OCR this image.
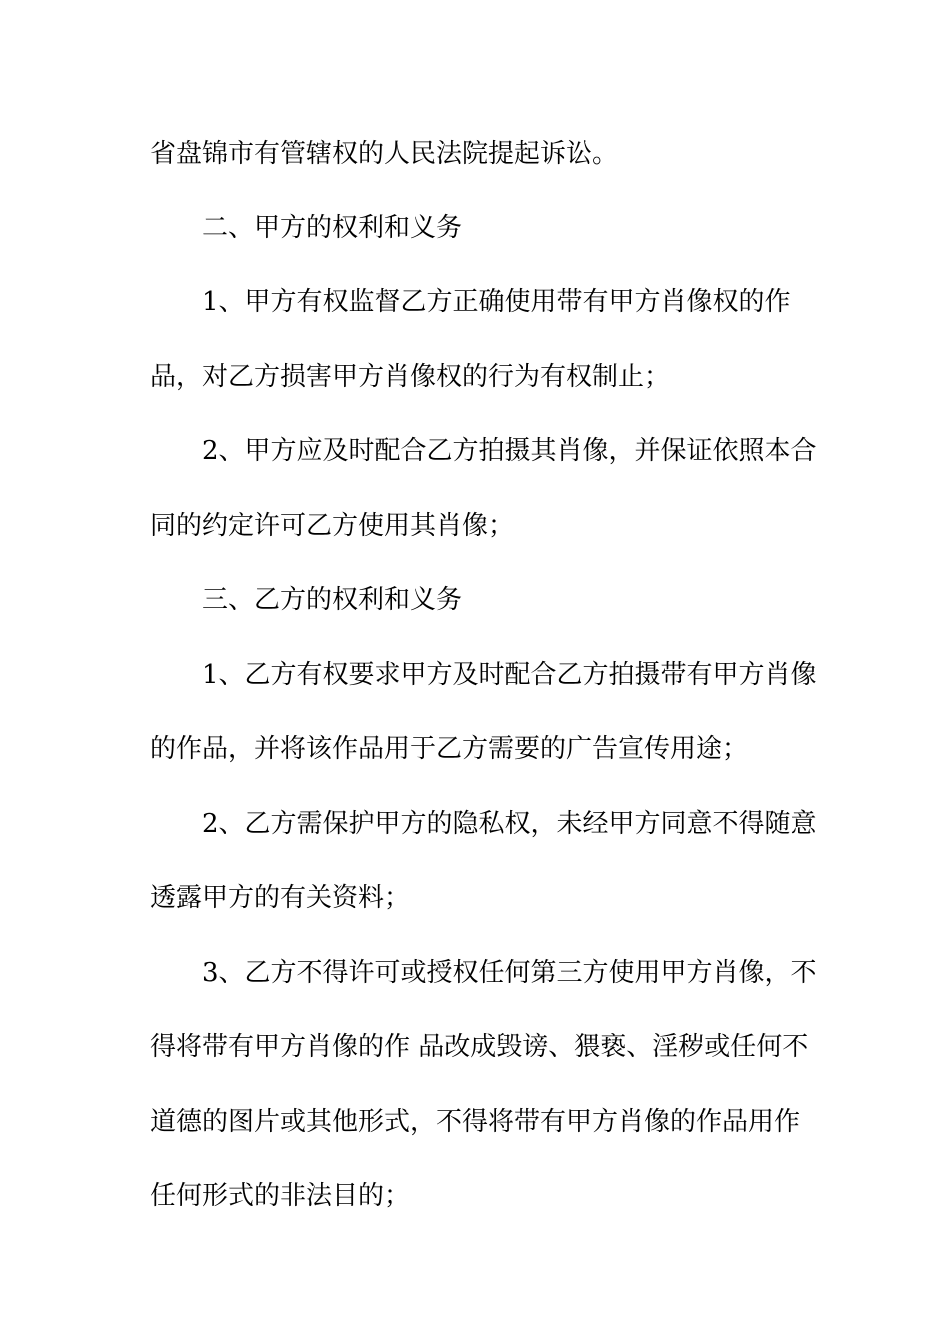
省盘锦市有管辖权的人民法院提起诉讼。
二、甲方的权利和义务
1、甲方有权监督乙方正确使用带有甲方肖像权的作
品，对乙方损害甲方肖像权的行为有权制止；
2、甲方应及时配合乙方拍摄其肖像，并保证依照本合
同的约定许可乙方使用其肖像；
三、乙方的权利和义务
1、乙方有权要求甲方及时配合乙方拍摄带有甲方肖像
的作品，并将该作品用于乙方需要的广告宣传用途；
2、乙方需保护甲方的隐私权，未经甲方同意不得随意
透露甲方的有关资料；
3、乙方不得许可或授权任何第三方使用甲方肖像，不
得将带有甲方肖像的作 品改成毁谤、猥亵、淫秽或任何不
道德的图片或其他形式，不得将带有甲方肖像的作品用作
任何形式的非法目的；
